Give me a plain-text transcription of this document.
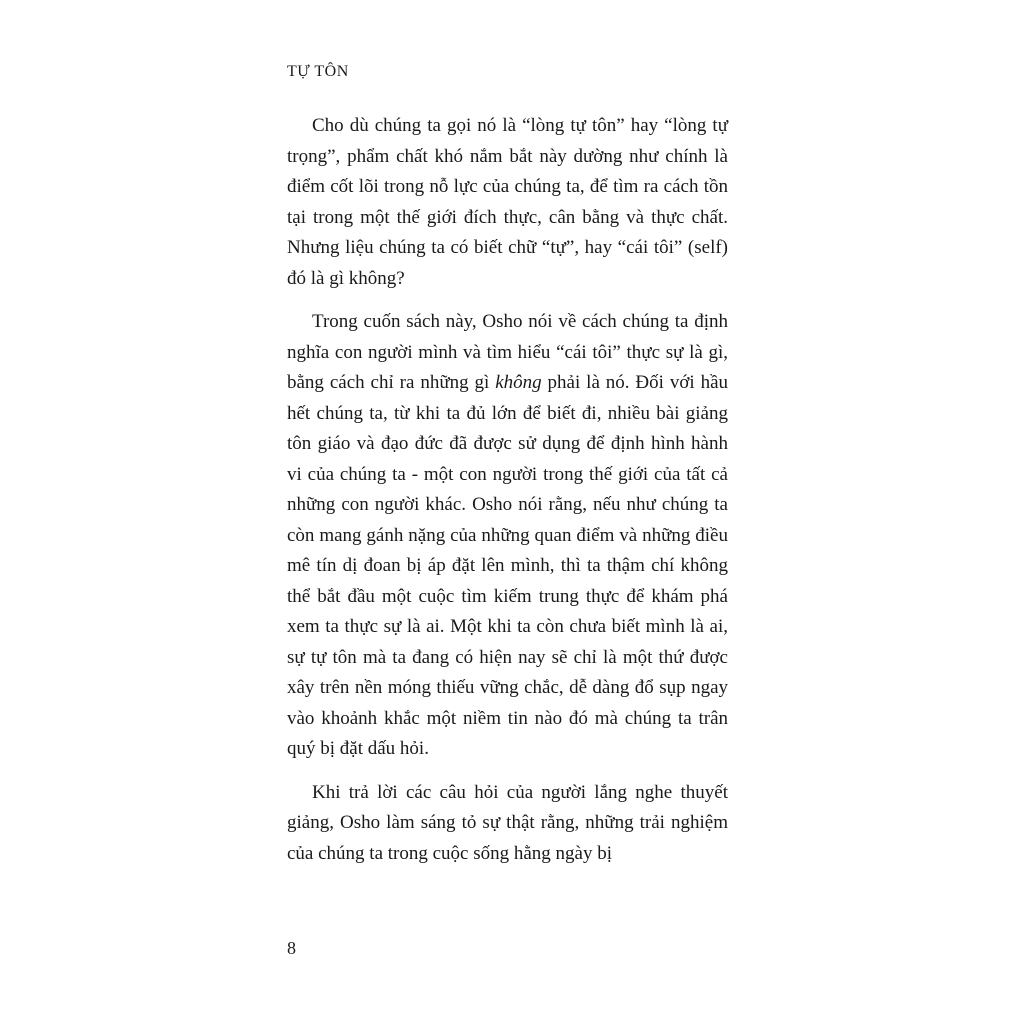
TỰ TÔN

Cho dù chúng ta gọi nó là “lòng tự tôn” hay “lòng tự trọng”, phẩm chất khó nắm bắt này dường như chính là điểm cốt lõi trong nỗ lực của chúng ta, để tìm ra cách tồn tại trong một thế giới đích thực, cân bằng và thực chất. Nhưng liệu chúng ta có biết chữ “tự”, hay “cái tôi” (self) đó là gì không?

Trong cuốn sách này, Osho nói về cách chúng ta định nghĩa con người mình và tìm hiểu “cái tôi” thực sự là gì, bằng cách chỉ ra những gì không phải là nó. Đối với hầu hết chúng ta, từ khi ta đủ lớn để biết đi, nhiều bài giảng tôn giáo và đạo đức đã được sử dụng để định hình hành vi của chúng ta - một con người trong thế giới của tất cả những con người khác. Osho nói rằng, nếu như chúng ta còn mang gánh nặng của những quan điểm và những điều mê tín dị đoan bị áp đặt lên mình, thì ta thậm chí không thể bắt đầu một cuộc tìm kiếm trung thực để khám phá xem ta thực sự là ai. Một khi ta còn chưa biết mình là ai, sự tự tôn mà ta đang có hiện nay sẽ chỉ là một thứ được xây trên nền móng thiếu vững chắc, dễ dàng đổ sụp ngay vào khoảnh khắc một niềm tin nào đó mà chúng ta trân quý bị đặt dấu hỏi.

Khi trả lời các câu hỏi của người lắng nghe thuyết giảng, Osho làm sáng tỏ sự thật rằng, những trải nghiệm của chúng ta trong cuộc sống hằng ngày bị

8
